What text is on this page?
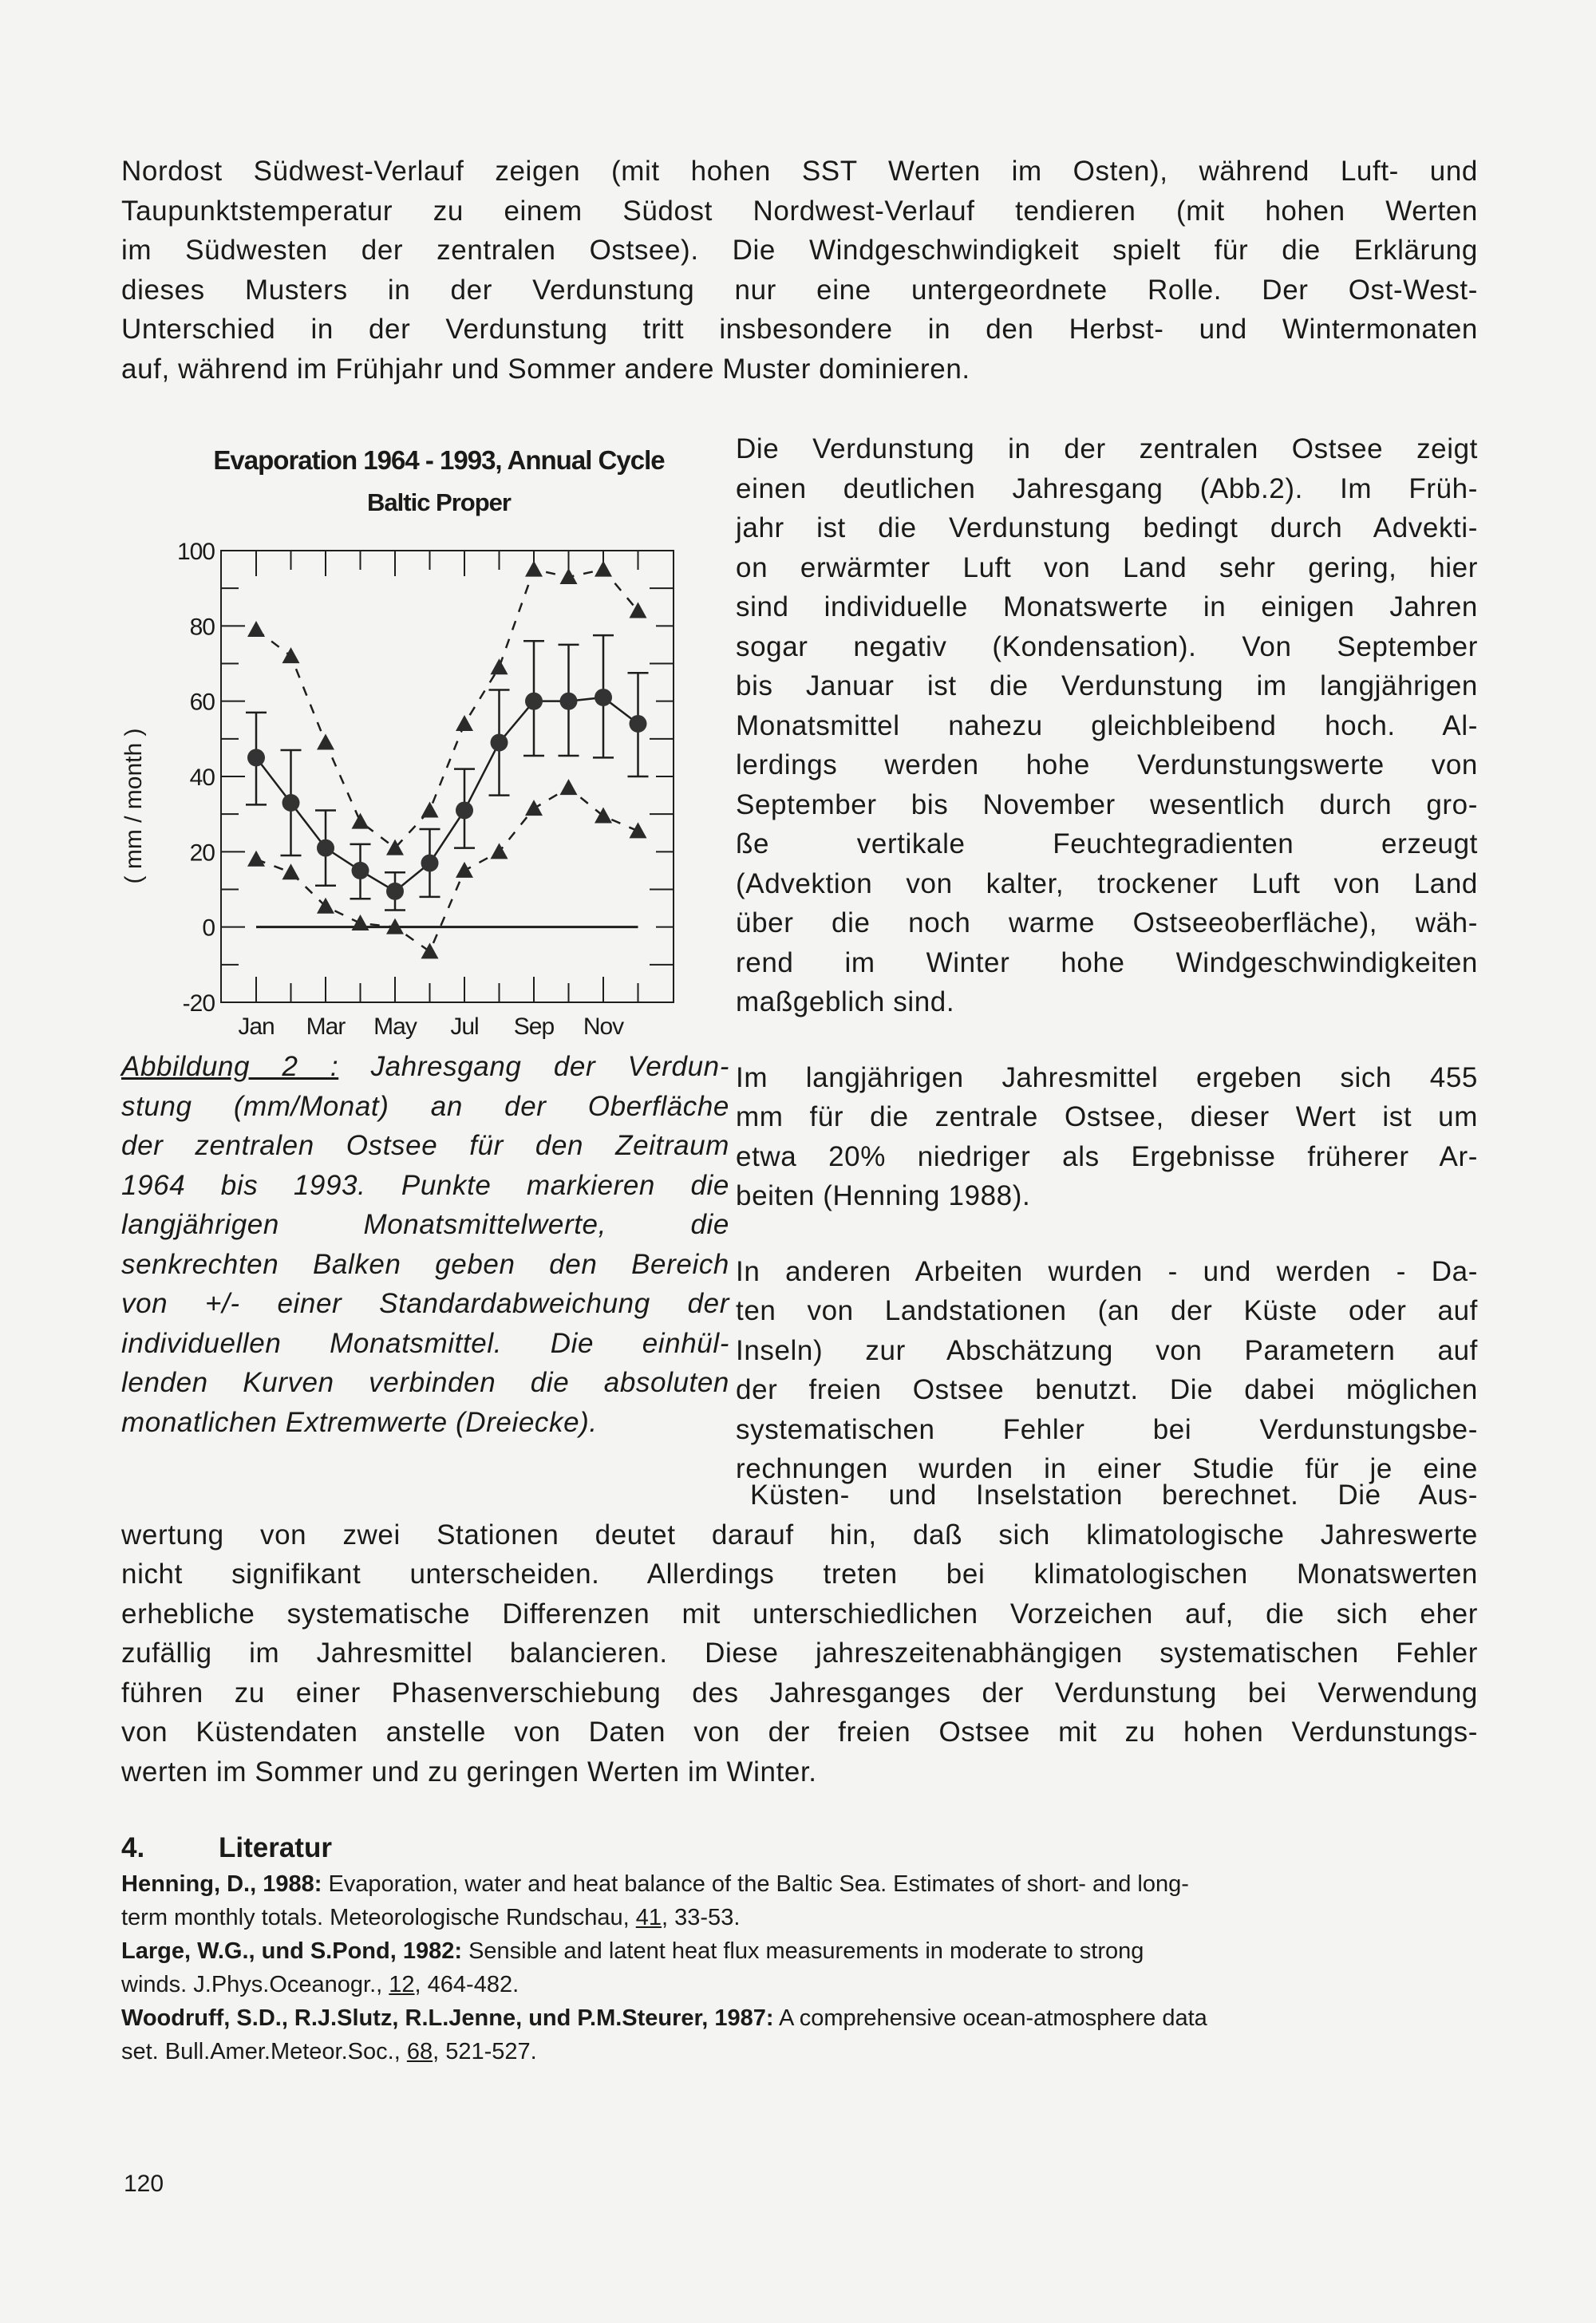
Nordost Südwest-Verlauf zeigen (mit hohen SST Werten im Osten), während Luft- und
Taupunktstemperatur zu einem Südost Nordwest-Verlauf tendieren (mit hohen Werten
im Südwesten der zentralen Ostsee). Die Windgeschwindigkeit spielt für die Erklärung
dieses Musters in der Verdunstung nur eine untergeordnete Rolle. Der Ost-West-
Unterschied in der Verdunstung tritt insbesondere in den Herbst- und Wintermonaten
auf, während im Frühjahr und Sommer andere Muster dominieren.
Evaporation 1964 - 1993, Annual Cycle
Baltic Proper
( mm / month )
100
80
60
40
20
0
-20
Jan Mar May Jul Sep Nov
Abbildung 2 : Jahresgang der Verdun-
stung (mm/Monat) an der Oberfläche
der zentralen Ostsee für den Zeitraum
1964 bis 1993. Punkte markieren die
langjährigen Monatsmittelwerte, die
senkrechten Balken geben den Bereich
von +/- einer Standardabweichung der
individuellen Monatsmittel. Die einhül-
lenden Kurven verbinden die absoluten
monatlichen Extremwerte (Dreiecke).
Die Verdunstung in der zentralen Ostsee zeigt
einen deutlichen Jahresgang (Abb.2). Im Früh-
jahr ist die Verdunstung bedingt durch Advekti-
on erwärmter Luft von Land sehr gering, hier
sind individuelle Monatswerte in einigen Jahren
sogar negativ (Kondensation). Von September
bis Januar ist die Verdunstung im langjährigen
Monatsmittel nahezu gleichbleibend hoch. Al-
lerdings werden hohe Verdunstungswerte von
September bis November wesentlich durch gro-
ße vertikale Feuchtegradienten erzeugt
(Advektion von kalter, trockener Luft von Land
über die noch warme Ostseeoberfläche), wäh-
rend im Winter hohe Windgeschwindigkeiten
maßgeblich sind.
Im langjährigen Jahresmittel ergeben sich 455
mm für die zentrale Ostsee, dieser Wert ist um
etwa 20% niedriger als Ergebnisse früherer Ar-
beiten (Henning 1988).
In anderen Arbeiten wurden - und werden - Da-
ten von Landstationen (an der Küste oder auf
Inseln) zur Abschätzung von Parametern auf
der freien Ostsee benutzt. Die dabei möglichen
systematischen Fehler bei Verdunstungsbe-
rechnungen wurden in einer Studie für je eine
Küsten- und Inselstation berechnet. Die Aus-
wertung von zwei Stationen deutet darauf hin, daß sich klimatologische Jahreswerte
nicht signifikant unterscheiden. Allerdings treten bei klimatologischen Monatswerten
erhebliche systematische Differenzen mit unterschiedlichen Vorzeichen auf, die sich eher
zufällig im Jahresmittel balancieren. Diese jahreszeitenabhängigen systematischen Fehler
führen zu einer Phasenverschiebung des Jahresganges der Verdunstung bei Verwendung
von Küstendaten anstelle von Daten von der freien Ostsee mit zu hohen Verdunstungs-
werten im Sommer und zu geringen Werten im Winter.
4.	Literatur
Henning, D., 1988: Evaporation, water and heat balance of the Baltic Sea. Estimates of short- and long-
term monthly totals. Meteorologische Rundschau, 41, 33-53.
Large, W.G., und S.Pond, 1982: Sensible and latent heat flux measurements in moderate to strong
winds. J.Phys.Oceanogr., 12, 464-482.
Woodruff, S.D., R.J.Slutz, R.L.Jenne, und P.M.Steurer, 1987: A comprehensive ocean-atmosphere data
set. Bull.Amer.Meteor.Soc., 68, 521-527.
120
